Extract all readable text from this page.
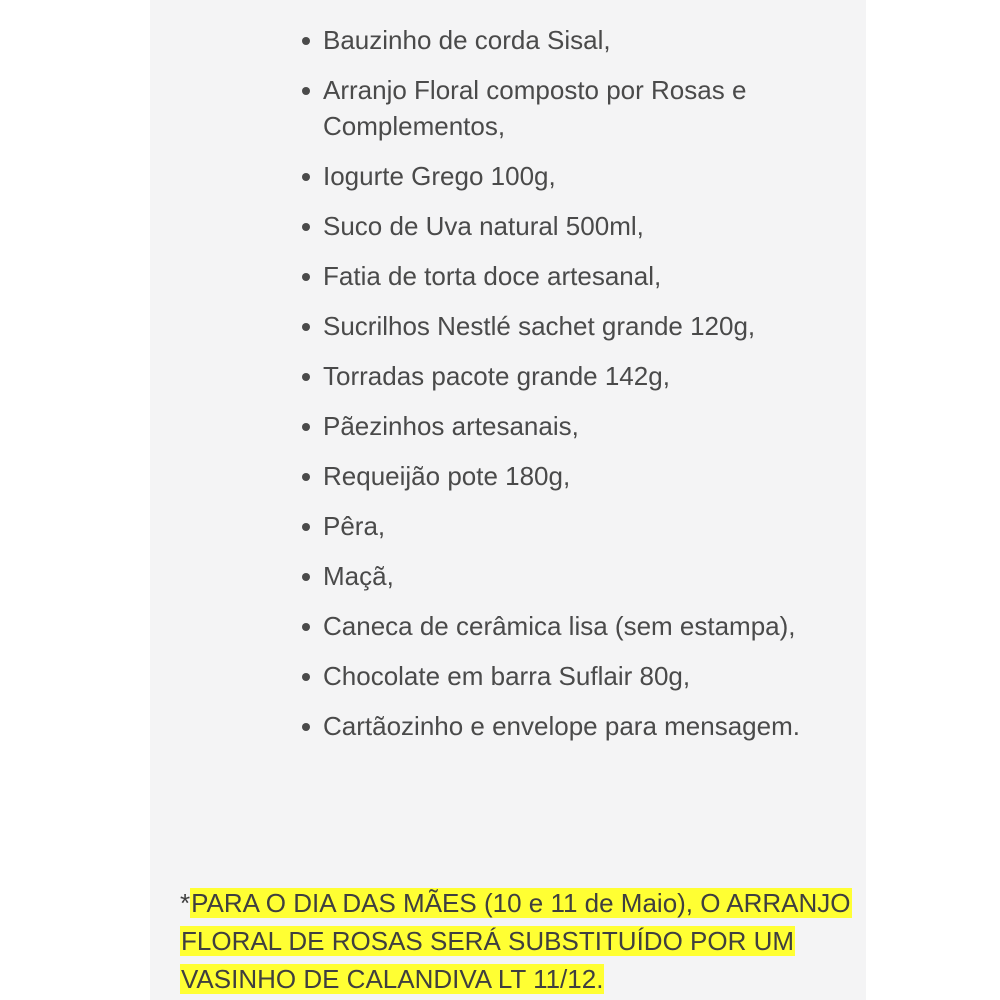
Bauzinho de corda Sisal,
Arranjo Floral composto por Rosas e Complementos,
Iogurte Grego 100g,
Suco de Uva natural 500ml,
Fatia de torta doce artesanal,
Sucrilhos Nestlé sachet grande 120g,
Torradas pacote grande 142g,
Pãezinhos artesanais,
Requeijão pote 180g,
Pêra,
Maçã,
Caneca de cerâmica lisa (sem estampa),
Chocolate em barra Suflair 80g,
Cartãozinho e envelope para mensagem.

*PARA O DIA DAS MÃES (10 e 11 de Maio), O ARRANJO FLORAL DE ROSAS SERÁ SUBSTITUÍDO POR UM VASINHO DE CALANDIVA LT 11/12.
